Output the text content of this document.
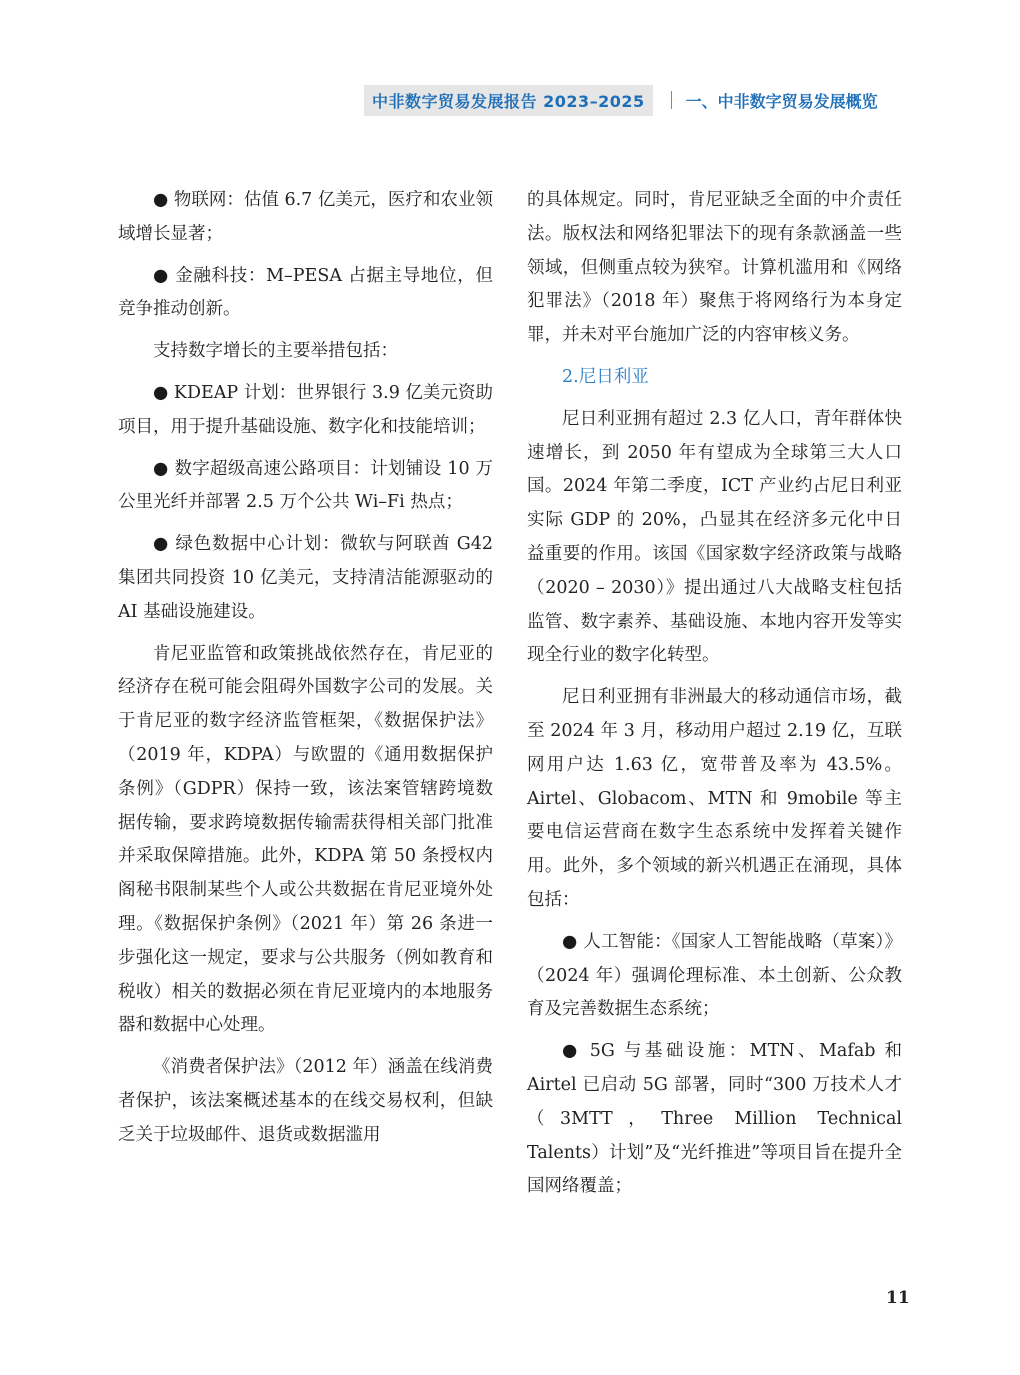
中非数字贸易发展报告 2023–2025	一、中非数字贸易发展概览

● 物联网：估值 6.7 亿美元，医疗和农业领域增长显著；

● 金融科技：M–PESA 占据主导地位，但竞争推动创新。

支持数字增长的主要举措包括：

● KDEAP 计划：世界银行 3.9 亿美元资助项目，用于提升基础设施、数字化和技能培训；

● 数字超级高速公路项目：计划铺设 10 万公里光纤并部署 2.5 万个公共 Wi–Fi 热点；

● 绿色数据中心计划：微软与阿联酋 G42 集团共同投资 10 亿美元，支持清洁能源驱动的 AI 基础设施建设。

肯尼亚监管和政策挑战依然存在，肯尼亚的经济存在税可能会阻碍外国数字公司的发展。关于肯尼亚的数字经济监管框架，《数据保护法》（2019 年，KDPA）与欧盟的《通用数据保护条例》（GDPR）保持一致，该法案管辖跨境数据传输，要求跨境数据传输需获得相关部门批准并采取保障措施。此外，KDPA 第 50 条授权内阁秘书限制某些个人或公共数据在肯尼亚境外处理。《数据保护条例》（2021 年）第 26 条进一步强化这一规定，要求与公共服务（例如教育和税收）相关的数据必须在肯尼亚境内的本地服务器和数据中心处理。

《消费者保护法》（2012 年）涵盖在线消费者保护，该法案概述基本的在线交易权利，但缺乏关于垃圾邮件、退货或数据滥用

的具体规定。同时，肯尼亚缺乏全面的中介责任法。版权法和网络犯罪法下的现有条款涵盖一些领域，但侧重点较为狭窄。计算机滥用和《网络犯罪法》（2018 年）聚焦于将网络行为本身定罪，并未对平台施加广泛的内容审核义务。

2.尼日利亚

尼日利亚拥有超过 2.3 亿人口，青年群体快速增长，到 2050 年有望成为全球第三大人口国。2024 年第二季度，ICT 产业约占尼日利亚实际 GDP 的 20%，凸显其在经济多元化中日益重要的作用。该国《国家数字经济政策与战略（2020 – 2030）》提出通过八大战略支柱包括监管、数字素养、基础设施、本地内容开发等实现全行业的数字化转型。

尼日利亚拥有非洲最大的移动通信市场，截至 2024 年 3 月，移动用户超过 2.19 亿，互联网用户达 1.63 亿，宽带普及率为 43.5%。Airtel、Globacom、MTN 和 9mobile 等主要电信运营商在数字生态系统中发挥着关键作用。此外，多个领域的新兴机遇正在涌现，具体包括：

● 人工智能：《国家人工智能战略（草案）》（2024 年）强调伦理标准、本土创新、公众教育及完善数据生态系统；

● 5G 与基础设施：MTN、Mafab 和 Airtel 已启动 5G 部署，同时“300 万技术人才（3MTT，Three Million Technical Talents）计划”及“光纤推进”等项目旨在提升全国网络覆盖；

11
